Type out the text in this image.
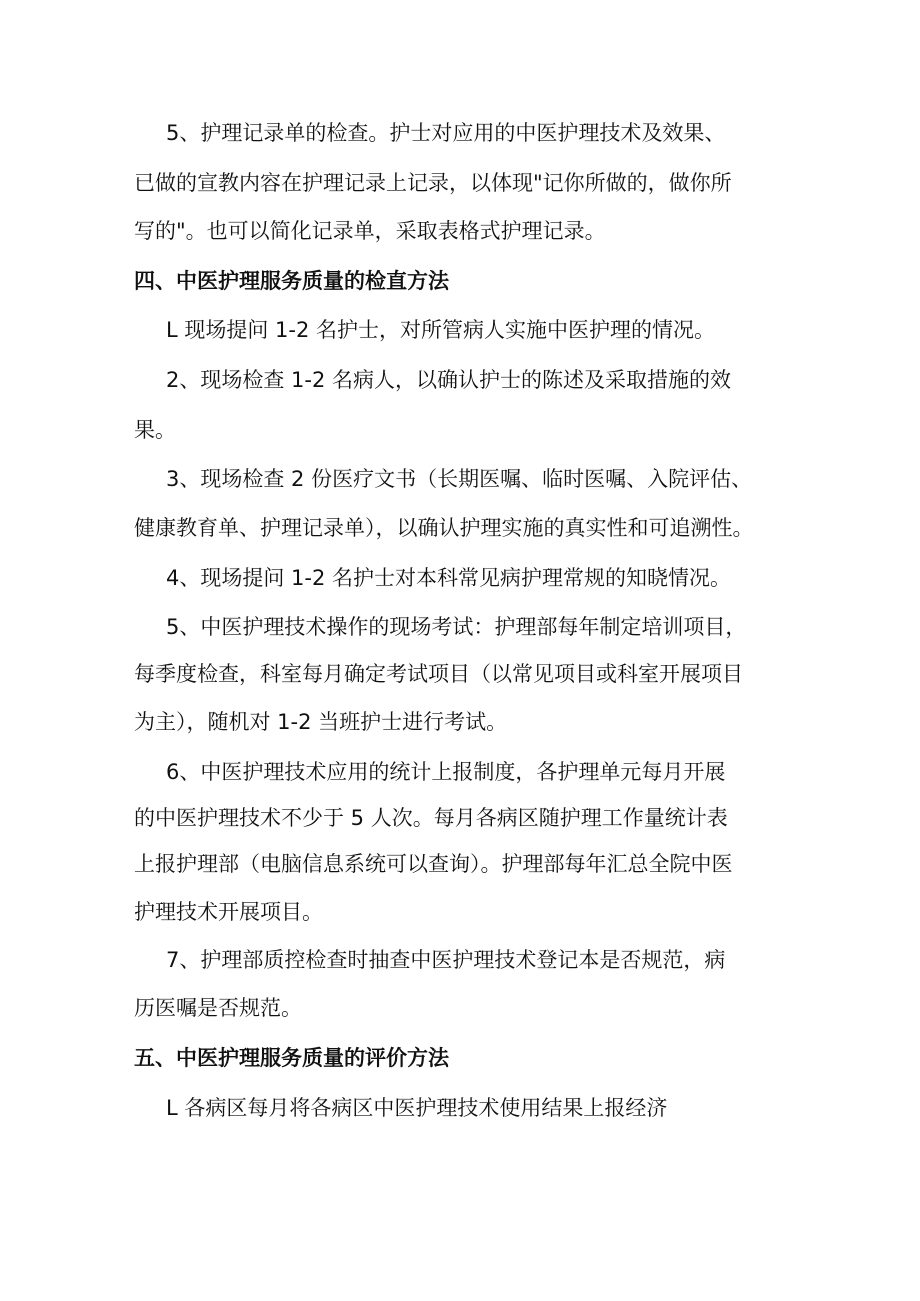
5、护理记录单的检查。护士对应用的中医护理技术及效果、
已做的宣教内容在护理记录上记录，以体现"记你所做的，做你所
写的"。也可以简化记录单，采取表格式护理记录。
四、中医护理服务质量的检直方法
L 现场提问 1-2 名护士，对所管病人实施中医护理的情况。
2、现场检查 1-2 名病人，以确认护士的陈述及采取措施的效
果。
3、现场检查 2 份医疗文书（长期医嘱、临时医嘱、入院评估、
健康教育单、护理记录单），以确认护理实施的真实性和可追溯性。
4、现场提问 1-2 名护士对本科常见病护理常规的知晓情况。
5、中医护理技术操作的现场考试：护理部每年制定培训项目，
每季度检查，科室每月确定考试项目（以常见项目或科室开展项目
为主），随机对 1-2 当班护士进行考试。
6、中医护理技术应用的统计上报制度，各护理单元每月开展
的中医护理技术不少于 5 人次。每月各病区随护理工作量统计表
上报护理部（电脑信息系统可以查询）。护理部每年汇总全院中医
护理技术开展项目。
7、护理部质控检查时抽查中医护理技术登记本是否规范，病
历医嘱是否规范。
五、中医护理服务质量的评价方法
L 各病区每月将各病区中医护理技术使用结果上报经济
